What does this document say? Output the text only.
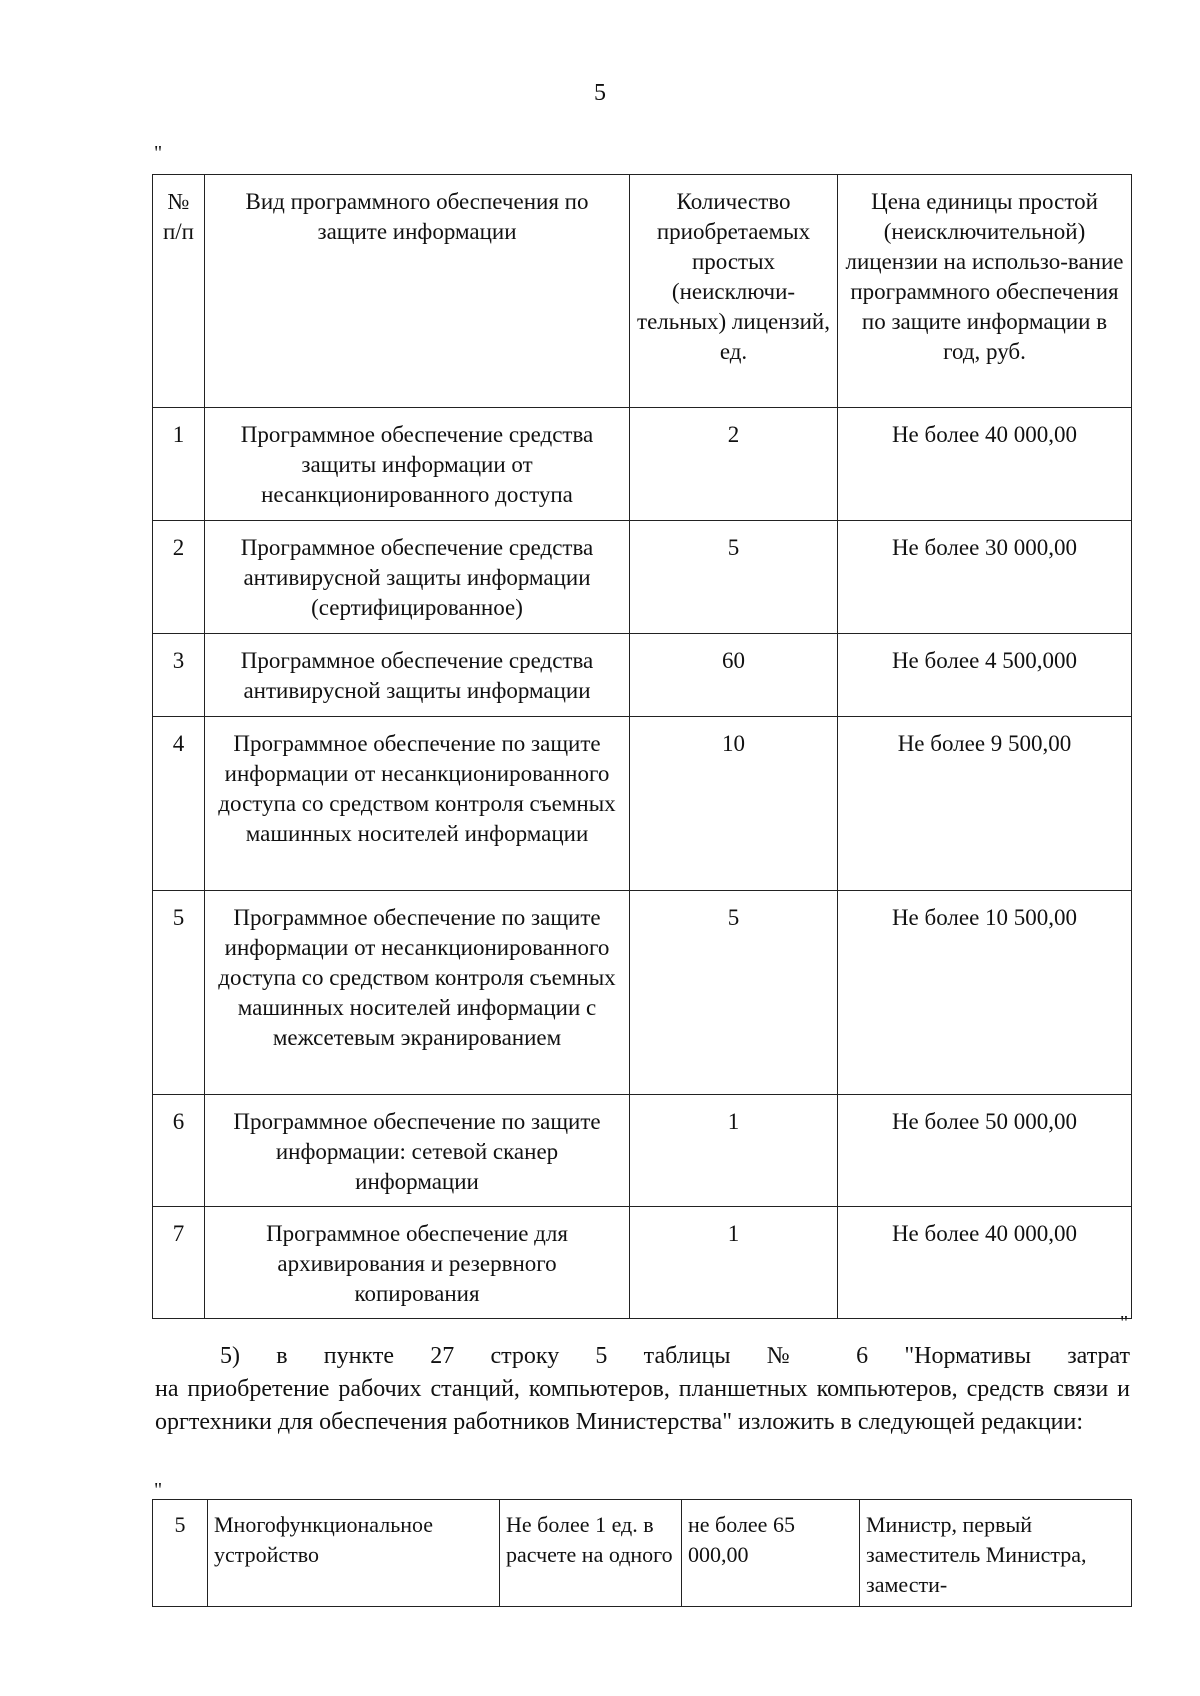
5
"
№ п/п	Вид программного обеспечения по защите информации	Количество приобретаемых простых (неисключи-тельных) лицензий, ед.	Цена единицы простой (неисключительной) лицензии на использо-вание программного обеспечения по защите информации в год, руб.
1	Программное обеспечение средства защиты информации от несанкционированного доступа	2	Не более 40 000,00
2	Программное обеспечение средства антивирусной защиты информации (сертифицированное)	5	Не более 30 000,00
3	Программное обеспечение средства антивирусной защиты информации	60	Не более 4 500,000
4	Программное обеспечение по защите информации от несанкционированного доступа со средством контроля съемных машинных носителей информации	10	Не более 9 500,00
5	Программное обеспечение по защите информации от несанкционированного доступа со средством контроля съемных машинных носителей информации с межсетевым экранированием	5	Не более 10 500,00
6	Программное обеспечение по защите информации: сетевой сканер информации	1	Не более 50 000,00
7	Программное обеспечение для архивирования и резервного копирования	1	Не более 40 000,00
"
5) в пункте 27 строку 5 таблицы № 6 "Нормативы затрат
на приобретение рабочих станций, компьютеров, планшетных компьютеров, средств связи и оргтехники для обеспечения работников Министерства" изложить в следующей редакции:
"
5	Многофункциональное устройство	Не более 1 ед. в расчете на одного	не более 65 000,00	Министр, первый заместитель Министра, замести-
